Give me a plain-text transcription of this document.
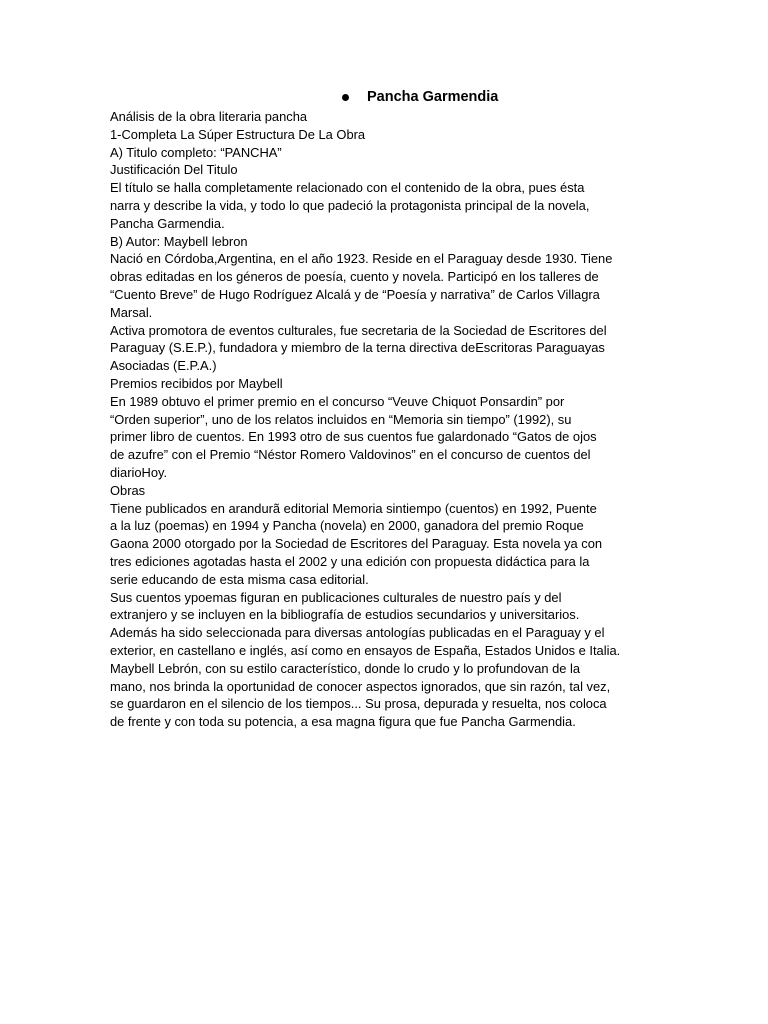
Pancha Garmendia

Análisis de la obra literaria pancha

1-Completa La Súper Estructura De La Obra

A) Titulo completo: “PANCHA”

Justificación Del Titulo

El título se halla completamente relacionado con el contenido de la obra, pues ésta

narra y describe la vida, y todo lo que padeció la protagonista principal de la novela,

Pancha Garmendia.

B) Autor: Maybell lebron

Nació en Córdoba,Argentina, en el año 1923. Reside en el Paraguay desde 1930. Tiene

obras editadas en los géneros de poesía, cuento y novela. Participó en los talleres de

“Cuento Breve” de Hugo Rodríguez Alcalá y de “Poesía y narrativa” de Carlos Villagra

Marsal.

Activa promotora de eventos culturales, fue secretaria de la Sociedad de Escritores del

Paraguay (S.E.P.), fundadora y miembro de la terna directiva deEscritoras Paraguayas

Asociadas (E.P.A.)

Premios recibidos por Maybell

En 1989 obtuvo el primer premio en el concurso “Veuve Chiquot Ponsardin” por

“Orden superior”, uno de los relatos incluidos en “Memoria sin tiempo” (1992), su

primer libro de cuentos. En 1993 otro de sus cuentos fue galardonado “Gatos de ojos

de azufre” con el Premio “Néstor Romero Valdovinos” en el concurso de cuentos del

diarioHoy.

Obras

Tiene publicados en arandurã editorial Memoria sintiempo (cuentos) en 1992, Puente

a la luz (poemas) en 1994 y Pancha (novela) en 2000, ganadora del premio Roque

Gaona 2000 otorgado por la Sociedad de Escritores del Paraguay. Esta novela ya con

tres ediciones agotadas hasta el 2002 y una edición con propuesta didáctica para la

serie educando de esta misma casa editorial.

Sus cuentos ypoemas figuran en publicaciones culturales de nuestro país y del

extranjero y se incluyen en la bibliografía de estudios secundarios y universitarios.

Además ha sido seleccionada para diversas antologías publicadas en el Paraguay y el

exterior, en castellano e inglés, así como en ensayos de España, Estados Unidos e Italia.

Maybell Lebrón, con su estilo característico, donde lo crudo y lo profundovan de la

mano, nos brinda la oportunidad de conocer aspectos ignorados, que sin razón, tal vez,

se guardaron en el silencio de los tiempos... Su prosa, depurada y resuelta, nos coloca

de frente y con toda su potencia, a esa magna figura que fue Pancha Garmendia.
